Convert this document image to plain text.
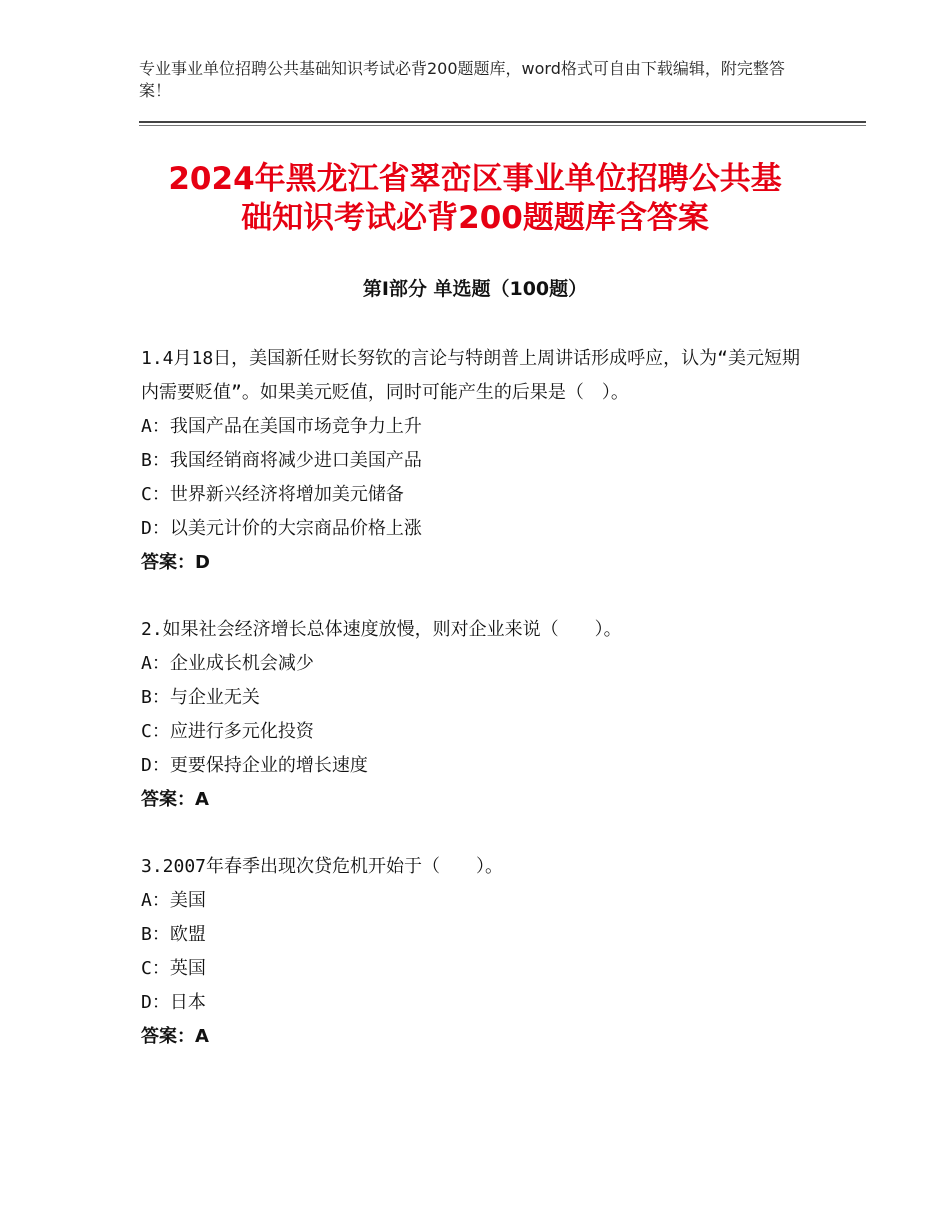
专业事业单位招聘公共基础知识考试必背200题题库，word格式可自由下载编辑，附完整答案！
2024年黑龙江省翠峦区事业单位招聘公共基
础知识考试必背200题题库含答案
第Ⅰ部分 单选题（100题）
1.4月18日，美国新任财长努钦的言论与特朗普上周讲话形成呼应，认为“美元短期内需要贬值”。如果美元贬值，同时可能产生的后果是（　）。
A：我国产品在美国市场竞争力上升
B：我国经销商将减少进口美国产品
C：世界新兴经济将增加美元储备
D：以美元计价的大宗商品价格上涨
答案：D
2.如果社会经济增长总体速度放慢，则对企业来说（　　）。
A：企业成长机会减少
B：与企业无关
C：应进行多元化投资
D：更要保持企业的增长速度
答案：A
3.2007年春季出现次贷危机开始于（　　）。
A：美国
B：欧盟
C：英国
D：日本
答案：A
